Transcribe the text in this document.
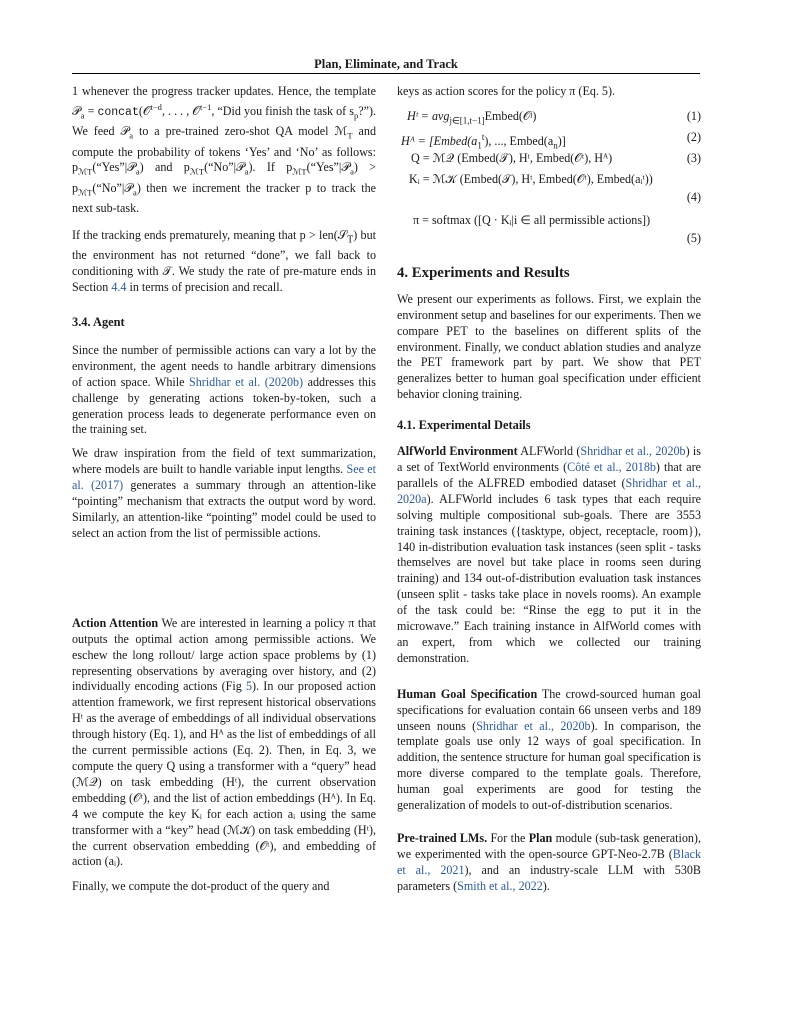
Plan, Eliminate, and Track

1 whenever the progress tracker updates. Hence, the template 𝒫$_a$ = concat(𝒪$^{t-d}$, . . . , 𝒪$^{t-1}$, “Did you finish the task of $s_p$?”). We feed 𝒫$_a$ to a pre-trained zero-shot QA model ℳ$_T$ and compute the probability of tokens ‘Yes’ and ‘No’ as follows: $p_{ℳT}(“Yes”|𝒫_a)$ and $p_{ℳT}(“No”|𝒫_a)$. If $p_{ℳT}(“Yes”|𝒫_a)$ > $p_{ℳT}(“No”|𝒫_a)$ then we increment the tracker p to track the next sub-task.

If the tracking ends prematurely, meaning that p > len(𝒮$_T$) but the environment has not returned “done”, we fall back to conditioning with 𝒯. We study the rate of pre-mature ends in Section 4.4 in terms of precision and recall.

3.4. Agent

Since the number of permissible actions can vary a lot by the environment, the agent needs to handle arbitrary dimensions of action space. While Shridhar et al. (2020b) addresses this challenge by generating actions token-by-token, such a generation process leads to degenerate performance even on the training set.

We draw inspiration from the field of text summarization, where models are built to handle variable input lengths. See et al. (2017) generates a summary through an attention-like “pointing” mechanism that extracts the output word by word. Similarly, an attention-like “pointing” model could be used to select an action from the list of permissible actions.

Action Attention We are interested in learning a policy π that outputs the optimal action among permissible actions. We eschew the long rollout/ large action space problems by (1) representing observations by averaging over history, and (2) individually encoding actions (Fig 5). In our proposed action attention framework, we first represent historical observations Hᵗ as the average of embeddings of all individual observations through history (Eq. 1), and Hᴬ as the list of embeddings of all the current permissible actions (Eq. 2). Then, in Eq. 3, we compute the query Q using a transformer with a “query” head (ℳ𝒬) on task embedding (Hᵗ), the current observation embedding (𝒪ᵗ), and the list of action embeddings (Hᴬ). In Eq. 4 we compute the key Kᵢ for each action aᵢ using the same transformer with a “key” head (ℳ𝒦) on task embedding (Hᵗ), the current observation embedding (𝒪ᵗ), and embedding of action (aᵢ).

Finally, we compute the dot-product of the query and

keys as action scores for the policy π (Eq. 5).

Hᵗ = avg$_{j\in[1,t-1]}$Embed(𝒪ʲ)	(1)
Hᴬ = [$Embed(a_1^t)$, ..., $Embed(a_n)$]	(2)
Q = ℳ𝒬 (Embed(𝒯), Hᵗ, Embed(𝒪ᵗ), Hᴬ)	(3)
Kᵢ = ℳ𝒦 (Embed(𝒯), Hᵗ, Embed(𝒪ᵗ), Embed(aᵢᵗ))
(4)
π = softmax ([Q · Kᵢ|i ∈ all permissible actions])
(5)

4. Experiments and Results

We present our experiments as follows. First, we explain the environment setup and baselines for our experiments. Then we compare PET to the baselines on different splits of the environment. Finally, we conduct ablation studies and analyze the PET framework part by part. We show that PET generalizes better to human goal specification under efficient behavior cloning training.

4.1. Experimental Details

AlfWorld Environment ALFWorld (Shridhar et al., 2020b) is a set of TextWorld environments (Côté et al., 2018b) that are parallels of the ALFRED embodied dataset (Shridhar et al., 2020a). ALFWorld includes 6 task types that each require solving multiple compositional sub-goals. There are 3553 training task instances ({tasktype, object, receptacle, room}), 140 in-distribution evaluation task instances (seen split - tasks themselves are novel but take place in rooms seen during training) and 134 out-of-distribution evaluation task instances (unseen split - tasks take place in novels rooms). An example of the task could be: “Rinse the egg to put it in the microwave.” Each training instance in AlfWorld comes with an expert, from which we collected our training demonstration.

Human Goal Specification The crowd-sourced human goal specifications for evaluation contain 66 unseen verbs and 189 unseen nouns (Shridhar et al., 2020b). In comparison, the template goals use only 12 ways of goal specification. In addition, the sentence structure for human goal specification is more diverse compared to the template goals. Therefore, human goal experiments are good for testing the generalization of models to out-of-distribution scenarios.

Pre-trained LMs. For the Plan module (sub-task generation), we experimented with the open-source GPT-Neo-2.7B (Black et al., 2021), and an industry-scale LLM with 530B parameters (Smith et al., 2022).
